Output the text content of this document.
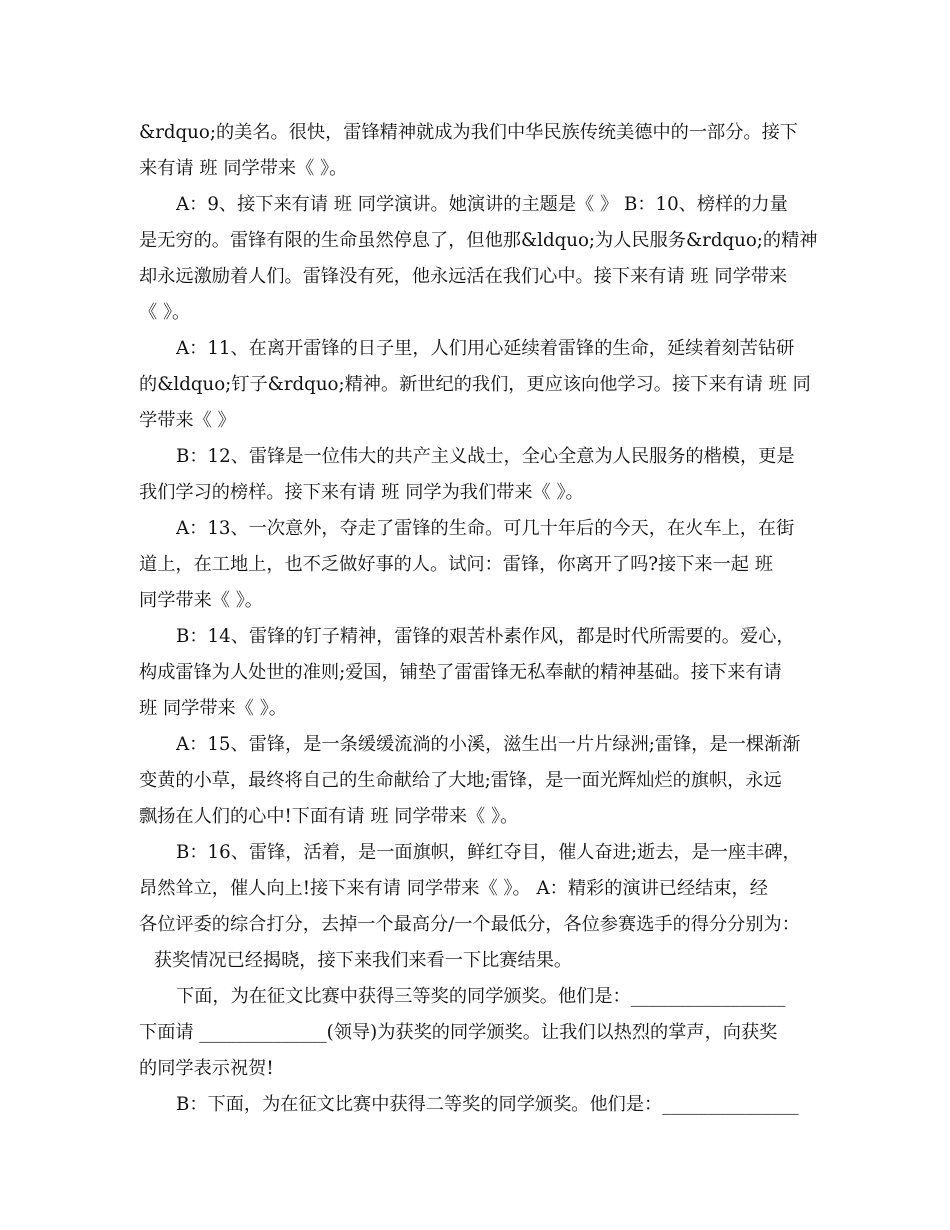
&rdquo;的美名。很快，雷锋精神就成为我们中华民族传统美德中的一部分。接下
来有请 班 同学带来《 》。
A：9、接下来有请 班 同学演讲。她演讲的主题是《 》 B：10、榜样的力量
是无穷的。雷锋有限的生命虽然停息了，但他那&ldquo;为人民服务&rdquo;的精神
却永远激励着人们。雷锋没有死，他永远活在我们心中。接下来有请 班 同学带来
《 》。
A：11、在离开雷锋的日子里，人们用心延续着雷锋的生命，延续着刻苦钻研
的&ldquo;钉子&rdquo;精神。新世纪的我们，更应该向他学习。接下来有请 班 同
学带来《 》
B：12、雷锋是一位伟大的共产主义战士，全心全意为人民服务的楷模，更是
我们学习的榜样。接下来有请 班 同学为我们带来《 》。
A：13、一次意外，夺走了雷锋的生命。可几十年后的今天，在火车上，在街
道上，在工地上，也不乏做好事的人。试问：雷锋，你离开了吗?接下来一起 班
同学带来《 》。
B：14、雷锋的钉子精神，雷锋的艰苦朴素作风，都是时代所需要的。爱心，
构成雷锋为人处世的准则;爱国，铺垫了雷雷锋无私奉献的精神基础。接下来有请
班 同学带来《 》。
A：15、雷锋，是一条缓缓流淌的小溪，滋生出一片片绿洲;雷锋，是一棵渐渐
变黄的小草，最终将自己的生命献给了大地;雷锋，是一面光辉灿烂的旗帜，永远
飘扬在人们的心中!下面有请 班 同学带来《 》。
B：16、雷锋，活着，是一面旗帜，鲜红夺目，催人奋进;逝去，是一座丰碑，
昂然耸立，催人向上!接下来有请 同学带来《 》。 A：精彩的演讲已经结束，经
各位评委的综合打分，去掉一个最高分/一个最低分，各位参赛选手的得分分别为：
获奖情况已经揭晓，接下来我们来看一下比赛结果。
下面，为在征文比赛中获得三等奖的同学颁奖。他们是：_________________
下面请 ______________(领导)为获奖的同学颁奖。让我们以热烈的掌声，向获奖
的同学表示祝贺!
B：下面，为在征文比赛中获得二等奖的同学颁奖。他们是：_______________
